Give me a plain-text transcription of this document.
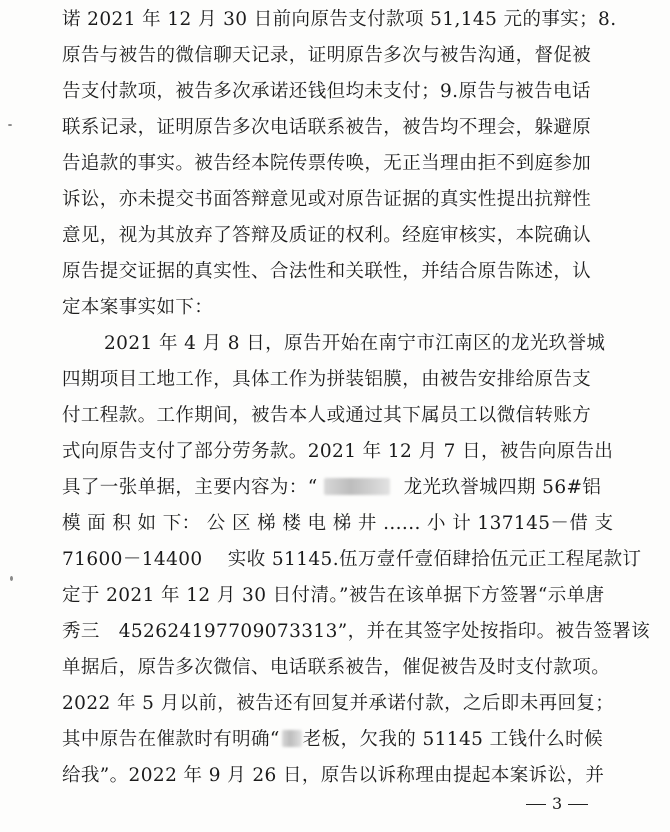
诺 2021 年 12 月 30 日前向原告支付款项 51,145 元的事实；8.
原告与被告的微信聊天记录，证明原告多次与被告沟通，督促被
告支付款项，被告多次承诺还钱但均未支付；9.原告与被告电话
联系记录，证明原告多次电话联系被告，被告均不理会，躲避原
告追款的事实。被告经本院传票传唤，无正当理由拒不到庭参加
诉讼，亦未提交书面答辩意见或对原告证据的真实性提出抗辩性
意见，视为其放弃了答辩及质证的权利。经庭审核实，本院确认
原告提交证据的真实性、合法性和关联性，并结合原告陈述，认
定本案事实如下：
2021 年 4 月 8 日，原告开始在南宁市江南区的龙光玖誉城
四期项目工地工作，具体工作为拼装铝膜，由被告安排给原告支
付工程款。工作期间，被告本人或通过其下属员工以微信转账方
式向原告支付了部分劳务款。2021 年 12 月 7 日，被告向原告出
具了一张单据，主要内容为：“	龙光玖誉城四期 56#铝
模 面 积 如 下： 公 区 梯 楼 电 梯 井 ...... 小 计 137145－借 支
71600－14400　 实收 51145.伍万壹仟壹佰肆拾伍元正工程尾款订
定于 2021 年 12 月 30 日付清。”被告在该单据下方签署“示单唐
秀三　452624197709073313”，并在其签字处按指印。被告签署该
单据后，原告多次微信、电话联系被告，催促被告及时支付款项。
2022 年 5 月以前，被告还有回复并承诺付款，之后即未再回复；
3
其中原告在催款时有明确“ 老板，欠我的 51145 工钱什么时候
给我”。2022 年 9 月 26 日，原告以诉称理由提起本案诉讼，并
